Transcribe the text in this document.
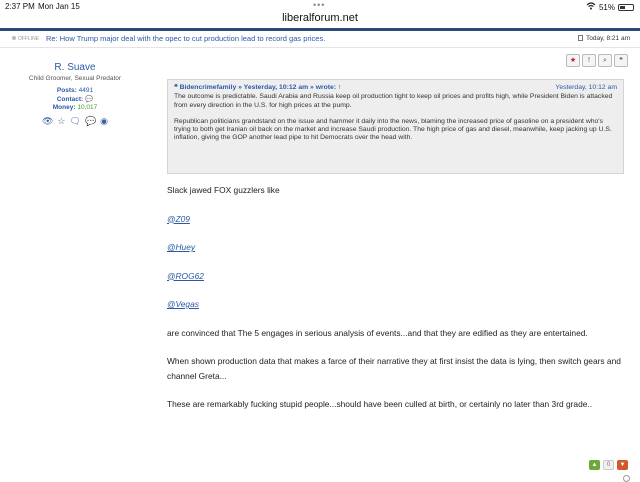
2:37 PM Mon Jan 15	•••	51%
liberalforum.net
OFFLINE Re: How Trump major deal with the opec to cut production lead to record gas prices.	Today, 8:21 am
R. Suave
Child Groomer, Sexual Predator
Posts: 4491
Contact: 💬
Money: 10,017
👁 ☆ 🗨 💬 ◉
★	!	⌕	❝
❝ Bidencrimefamily » Yesterday, 10:12 am » wrote: ↑	Yesterday, 10:12 am
The outcome is predictable. Saudi Arabia and Russia keep oil production tight to keep oil prices and profits high, while President Biden is attacked from every direction in the U.S. for high prices at the pump.
Republican politicians grandstand on the issue and hammer it daily into the news, blaming the increased price of gasoline on a president who's trying to both get Iranian oil back on the market and increase Saudi production. The high price of gas and diesel, meanwhile, keep jacking up U.S. inflation, giving the GOP another lead pipe to hit Democrats over the head with.

Slack jawed FOX guzzlers like

@Z09

@Huey

@ROG62

@Vegas

are convinced that The 5 engages in serious analysis of events...and that they are edified as they are entertained.

When shown production data that makes a farce of their narrative they at first insist the data is lying, then switch gears and channel Greta...

These are remarkably fucking stupid people...should have been culled at birth, or certainly no later than 3rd grade..

▲	0	▼
